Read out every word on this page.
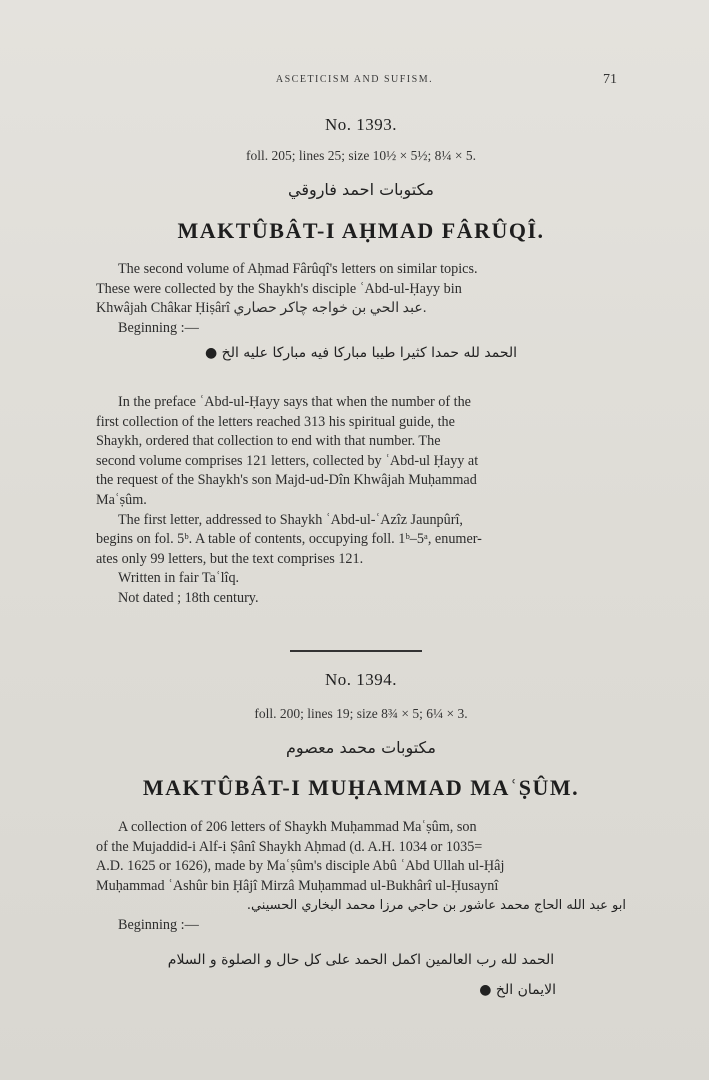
ASCETICISM AND SUFISM.	71
No. 1393.
foll. 205; lines 25; size 10½ × 5½; 8¼ × 5.
مكتوبات احمد فاروقي
MAKTÛBÂT-I AḤMAD FÂRÛQÎ.

The second volume of Aḥmad Fârûqî's letters on similar topics.

These were collected by the Shaykh's disciple ʿAbd-ul-Ḥayy bin

Khwâjah Châkar Ḥiṣârî عبد الحي بن خواجه چاكر حصاري.

Beginning :—

الحمد لله حمدا كثيرا طيبا مباركا فيه مباركا عليه الخ ●

In the preface ʿAbd-ul-Ḥayy says that when the number of the

first collection of the letters reached 313 his spiritual guide, the

Shaykh, ordered that collection to end with that number. The

second volume comprises 121 letters, collected by ʿAbd-ul Ḥayy at

the request of the Shaykh's son Majd-ud-Dîn Khwâjah Muḥammad

Maʿṣûm.

The first letter, addressed to Shaykh ʿAbd-ul-ʿAzîz Jaunpûrî,

begins on fol. 5ᵇ. A table of contents, occupying foll. 1ᵇ–5ᵃ, enumer-

ates only 99 letters, but the text comprises 121.

Written in fair Taʿlîq.

Not dated ; 18th century.

No. 1394.
foll. 200; lines 19; size 8¾ × 5; 6¼ × 3.
مكتوبات محمد معصوم
MAKTÛBÂT-I MUḤAMMAD MAʿṢÛM.

A collection of 206 letters of Shaykh Muḥammad Maʿṣûm, son

of the Mujaddid-i Alf-i Ṣânî Shaykh Aḥmad (d. A.H. 1034 or 1035=

A.D. 1625 or 1626), made by Maʿṣûm's disciple Abû ʿAbd Ullah ul-Ḥâj

Muḥammad ʿAshûr bin Ḥâjî Mirzâ Muḥammad ul-Bukhârî ul-Ḥusaynî

ابو عبد الله الحاج محمد عاشور بن حاجي مرزا محمد البخاري الحسيني.

Beginning :—

الحمد لله رب العالمين اكمل الحمد على كل حال و الصلوة و السلام
الايمان الخ ●
